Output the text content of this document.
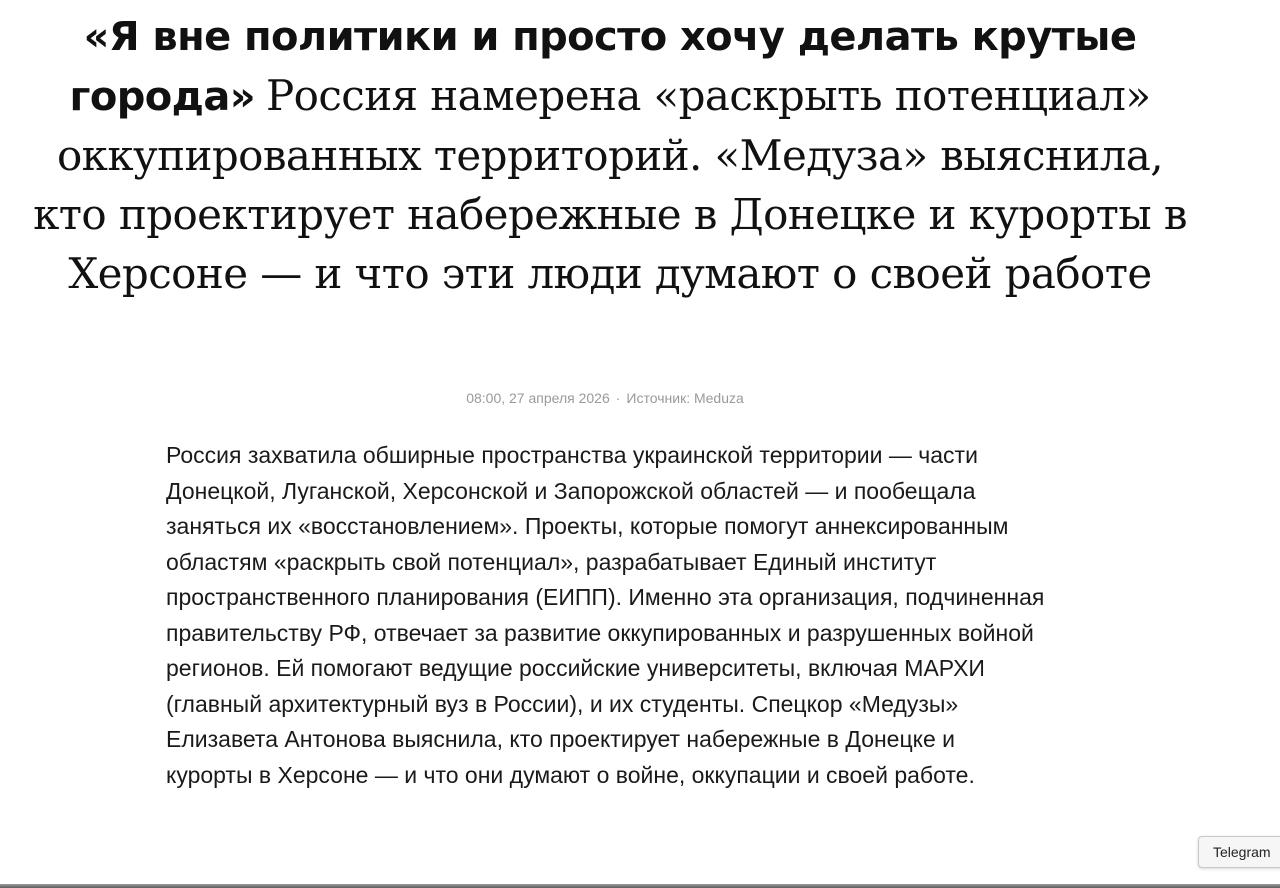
«Я вне политики и просто хочу делать крутые города» Россия намерена «раскрыть потенциал» оккупированных территорий. «Медуза» выяснила, кто проектирует набережные в Донецке и курорты в Херсоне — и что эти люди думают о своей работе
08:00, 27 апреля 2026 · Источник: Meduza

Россия захватила обширные пространства украинской территории — части Донецкой, Луганской, Херсонской и Запорожской областей — и пообещала заняться их «восстановлением». Проекты, которые помогут аннексированным областям «раскрыть свой потенциал», разрабатывает Единый институт пространственного планирования (ЕИПП). Именно эта организация, подчиненная правительству РФ, отвечает за развитие оккупированных и разрушенных войной регионов. Ей помогают ведущие российские университеты, включая МАРХИ (главный архитектурный вуз в России), и их студенты. Спецкор «Медузы» Елизавета Антонова выяснила, кто проектирует набережные в Донецке и курорты в Херсоне — и что они думают о войне, оккупации и своей работе.

Telegram
